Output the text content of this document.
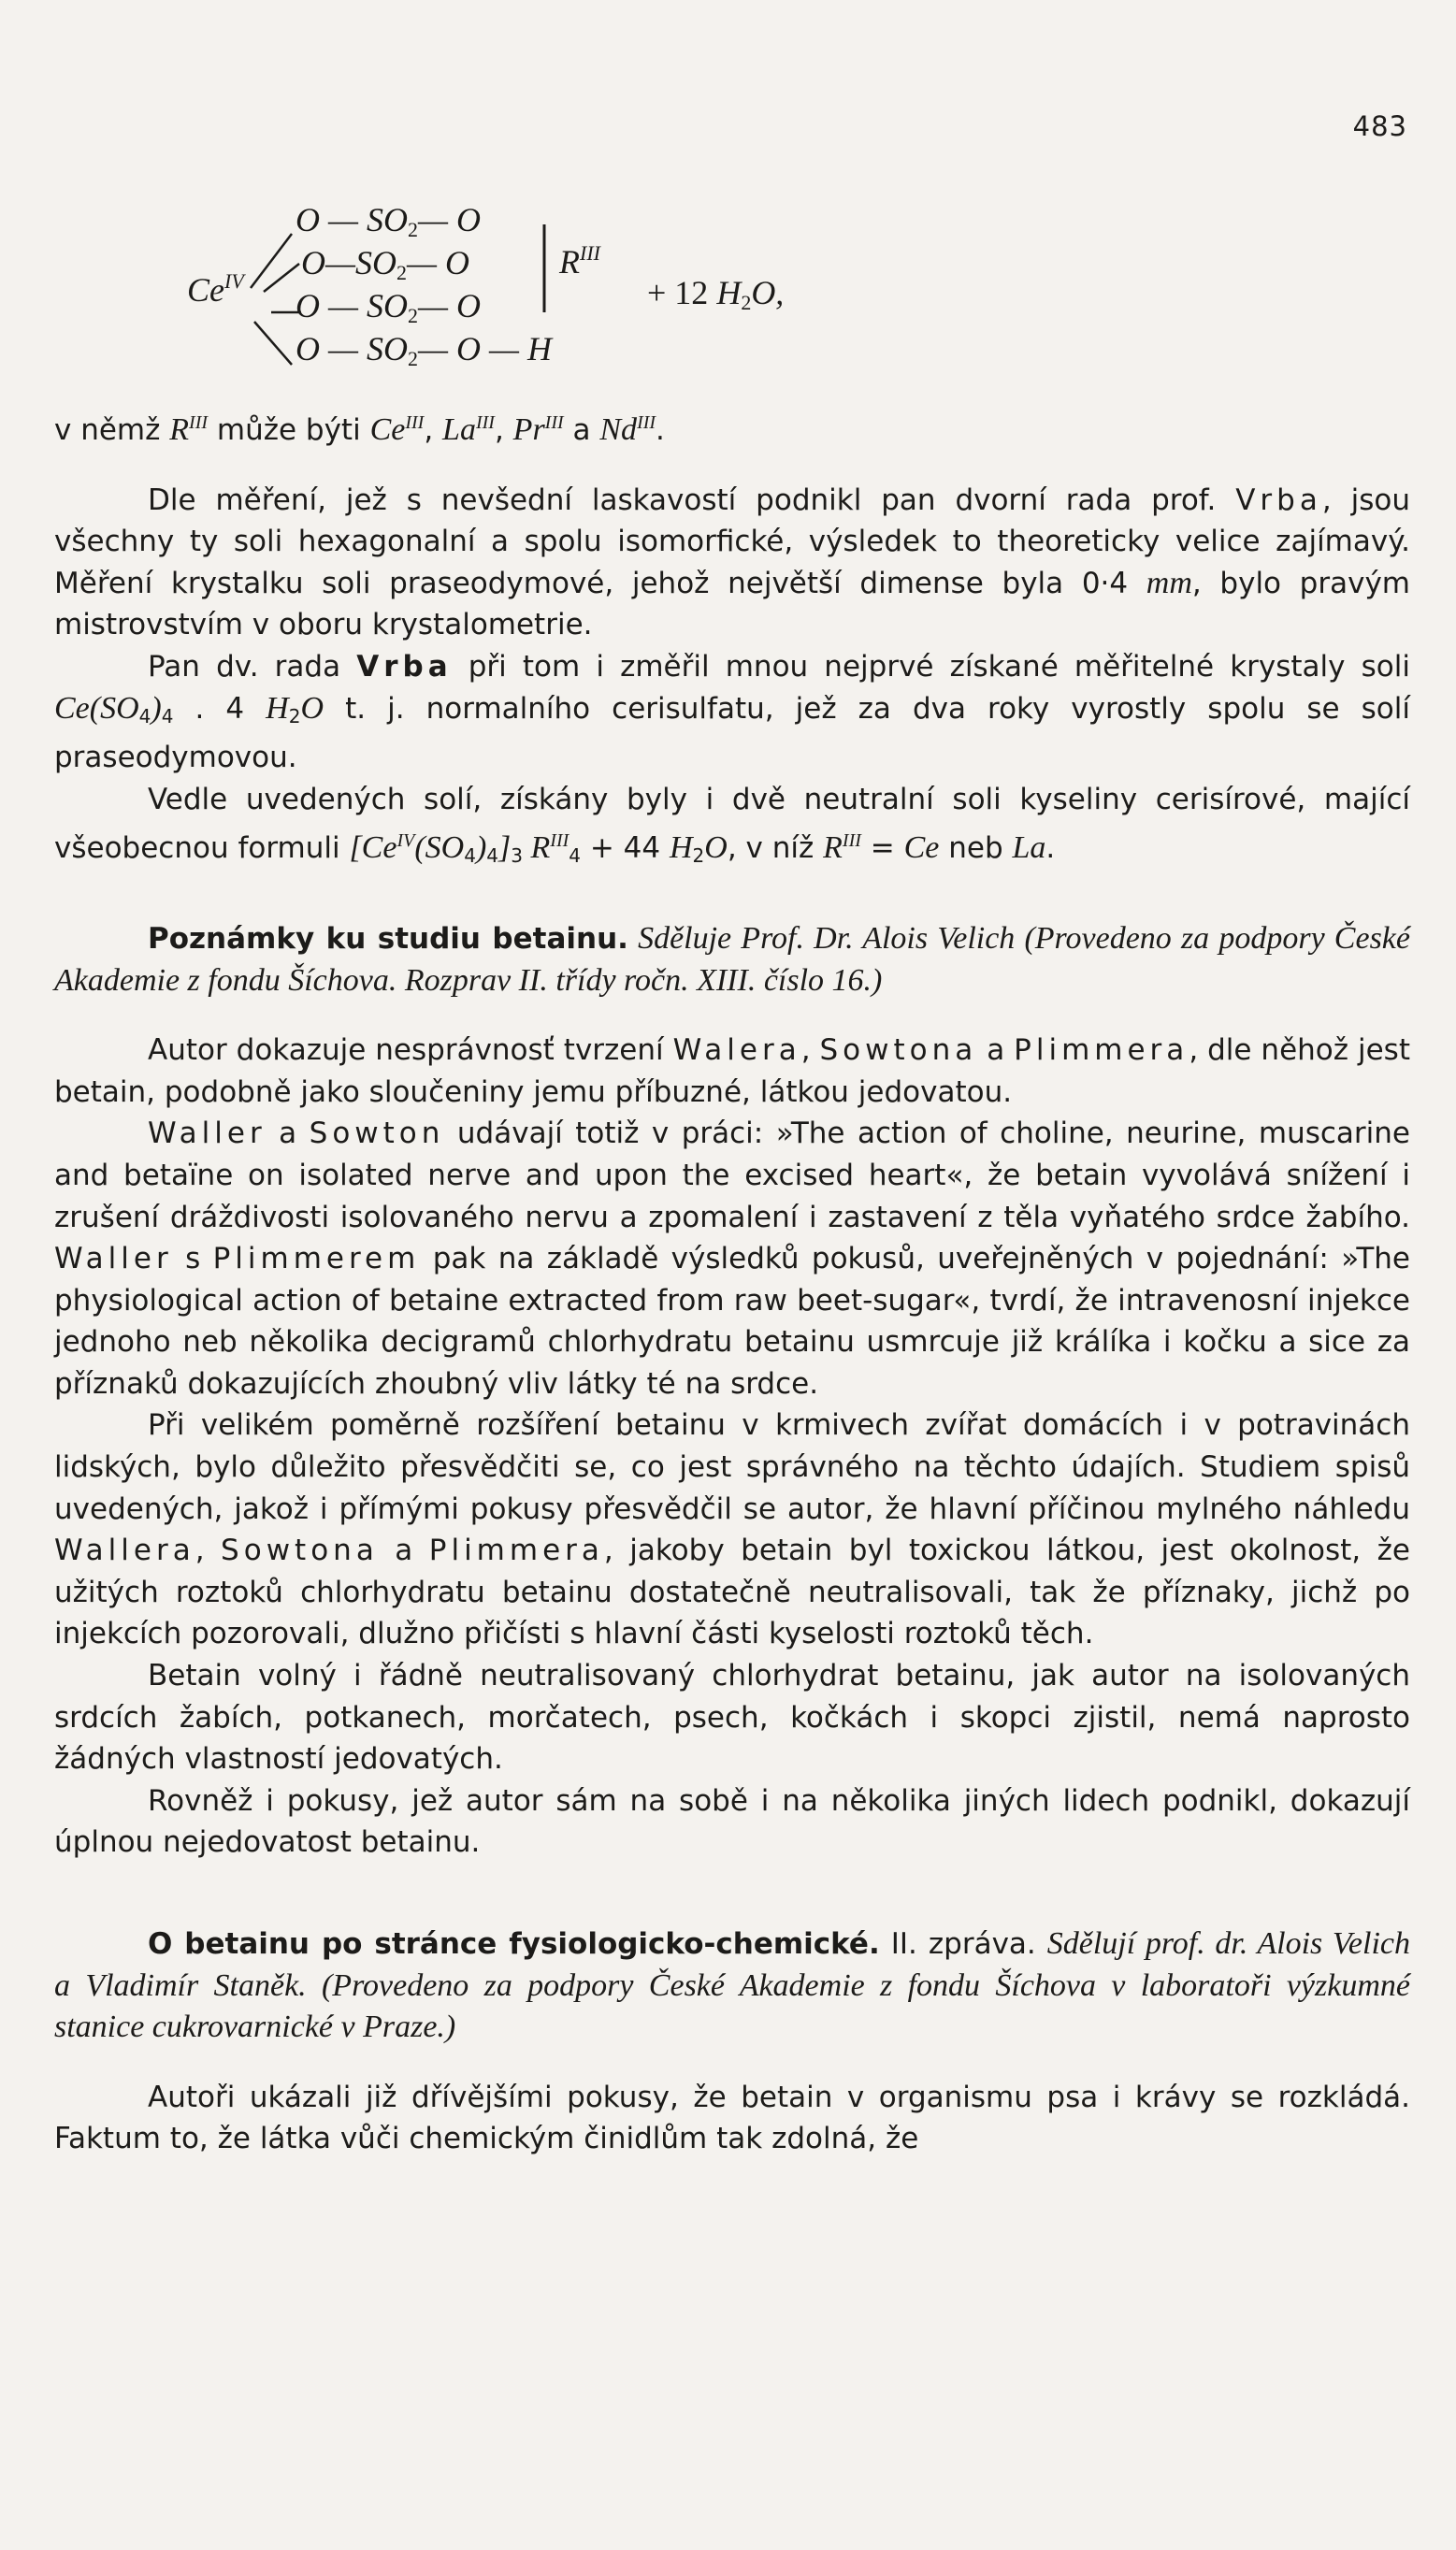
483
$Ce^{IV}$
O — $SO_2—$ O
$O—SO_2—$ O
O — $SO_2—$ O
O — $SO_2—$ O — H
$R^{III}$
+ 12 $H_2O$,

v němž $R^{III}$ může býti $Ce^{III}$, $La^{III}$, $Pr^{III}$ a $Nd^{III}$.

Dle měření, jež s nevšední laskavostí podnikl pan dvorní rada prof. Vrba, jsou všechny ty soli hexagonalní a spolu isomorfické, výsledek to theoreticky velice zajímavý. Měření krystalku soli praseodymové, jehož největší dimense byla 0·4 mm, bylo pravým mistrovstvím v oboru krystalometrie.

Pan dv. rada Vrba při tom i změřil mnou nejprvé získané měřitelné krystaly soli $Ce(SO_4)_4$ . 4 $H_2O$ t. j. normalního cerisulfatu, jež za dva roky vyrostly spolu se solí praseodymovou.

Vedle uvedených solí, získány byly i dvě neutralní soli kyseliny cerisírové, mající všeobecnou formuli $[Ce^{IV}(SO_4)_4]_3$ $R^{III}_4 + 44$ $H_2O$, v níž $R^{III} = Ce$ neb La.

Poznámky ku studiu betainu. Sděluje Prof. Dr. Alois Velich (Provedeno za podpory České Akademie z fondu Šíchova. Rozprav II. třídy ročn. XIII. číslo 16.)

Autor dokazuje nesprávnosť tvrzení Walera, Sowtona a Plimmera, dle něhož jest betain, podobně jako sloučeniny jemu příbuzné, látkou jedovatou.

Waller a Sowton udávají totiž v práci: »The action of choline, neurine, muscarine and betaïne on isolated nerve and upon the excised heart«, že betain vyvolává snížení i zrušení dráždivosti isolovaného nervu a zpomalení i zastavení z těla vyňatého srdce žabího. Waller s Plimmerem pak na základě výsledků pokusů, uveřejněných v pojednání: »The physiological action of betaine extracted from raw beet-sugar«, tvrdí, že intravenosní injekce jednoho neb několika decigramů chlorhydratu betainu usmrcuje již králíka i kočku a sice za příznaků dokazujících zhoubný vliv látky té na srdce.

Při velikém poměrně rozšíření betainu v krmivech zvířat domácích i v potravinách lidských, bylo důležito přesvědčiti se, co jest správného na těchto údajích. Studiem spisů uvedených, jakož i přímými pokusy přesvědčil se autor, že hlavní příčinou mylného náhledu Wallera, Sowtona a Plimmera, jakoby betain byl toxickou látkou, jest okolnost, že užitých roztoků chlorhydratu betainu dostatečně neutralisovali, tak že příznaky, jichž po injekcích pozorovali, dlužno přičísti s hlavní části kyselosti roztoků těch.

Betain volný i řádně neutralisovaný chlorhydrat betainu, jak autor na isolovaných srdcích žabích, potkanech, morčatech, psech, kočkách i skopci zjistil, nemá naprosto žádných vlastností jedovatých.

Rovněž i pokusy, jež autor sám na sobě i na několika jiných lidech podnikl, dokazují úplnou nejedovatost betainu.

O betainu po stránce fysiologicko-chemické. II. zpráva. Sdělují prof. dr. Alois Velich a Vladimír Staněk. (Provedeno za podpory České Akademie z fondu Šíchova v laboratoři výzkumné stanice cukrovarnické v Praze.)

Autoři ukázali již dřívějšími pokusy, že betain v organismu psa i krávy se rozkládá. Faktum to, že látka vůči chemickým činidlům tak zdolná, že
